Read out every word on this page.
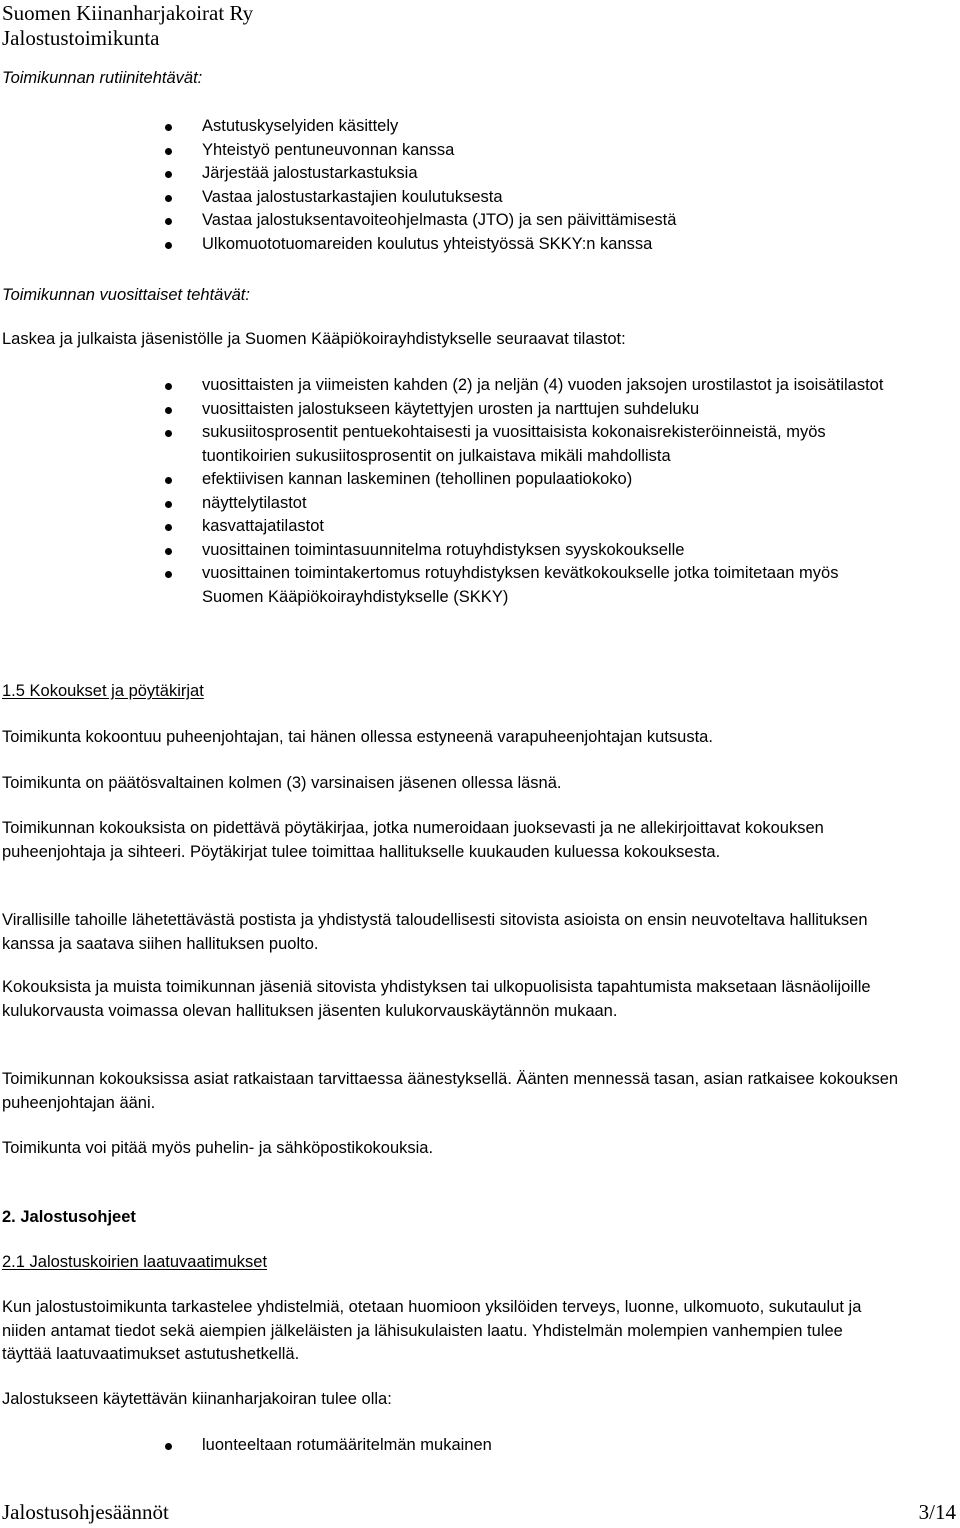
Suomen Kiinanharjakoirat Ry
Jalostustoimikunta
Toimikunnan rutiinitehtävät:
Astutuskyselyiden käsittely
Yhteistyö pentuneuvonnan kanssa
Järjestää jalostustarkastuksia
Vastaa jalostustarkastajien koulutuksesta
Vastaa jalostuksentavoiteohjelmasta (JTO) ja sen päivittämisestä
Ulkomuototuomareiden koulutus yhteistyössä SKKY:n kanssa
Toimikunnan vuosittaiset tehtävät:
Laskea ja julkaista jäsenistölle ja Suomen Kääpiökoirayhdistykselle seuraavat tilastot:
vuosittaisten ja viimeisten kahden (2) ja neljän (4) vuoden jaksojen urostilastot ja isoisätilastot
vuosittaisten jalostukseen käytettyjen urosten ja narttujen suhdeluku
sukusiitosprosentit pentuekohtaisesti ja vuosittaisista kokonaisrekisteröinneistä, myös tuontikoirien sukusiitosprosentit on julkaistava mikäli mahdollista
efektiivisen kannan laskeminen (tehollinen populaatiokoko)
näyttelytilastot
kasvattajatilastot
vuosittainen toimintasuunnitelma rotuyhdistyksen syyskokoukselle
vuosittainen toimintakertomus rotuyhdistyksen kevätkokoukselle jotka toimitetaan myös Suomen Kääpiökoirayhdistykselle (SKKY)
1.5 Kokoukset ja pöytäkirjat

Toimikunta kokoontuu puheenjohtajan, tai hänen ollessa estyneenä varapuheenjohtajan kutsusta.

Toimikunta on päätösvaltainen kolmen (3) varsinaisen jäsenen ollessa läsnä.

Toimikunnan kokouksista on pidettävä pöytäkirjaa, jotka numeroidaan juoksevasti ja ne allekirjoittavat kokouksen puheenjohtaja ja sihteeri. Pöytäkirjat tulee toimittaa hallitukselle kuukauden kuluessa kokouksesta.

Virallisille tahoille lähetettävästä postista ja yhdistystä taloudellisesti sitovista asioista on ensin neuvoteltava hallituksen kanssa ja saatava siihen hallituksen puolto.

Kokouksista ja muista toimikunnan jäseniä sitovista yhdistyksen tai ulkopuolisista tapahtumista maksetaan läsnäolijoille kulukorvausta voimassa olevan hallituksen jäsenten kulukorvauskäytännön mukaan.

Toimikunnan kokouksissa asiat ratkaistaan tarvittaessa äänestyksellä. Äänten mennessä tasan, asian ratkaisee kokouksen puheenjohtajan ääni.

Toimikunta voi pitää myös puhelin- ja sähköpostikokouksia.

2. Jalostusohjeet
2.1 Jalostuskoirien laatuvaatimukset

Kun jalostustoimikunta tarkastelee yhdistelmiä, otetaan huomioon yksilöiden terveys, luonne, ulkomuoto, sukutaulut ja niiden antamat tiedot sekä aiempien jälkeläisten ja lähisukulaisten laatu. Yhdistelmän molempien vanhempien tulee täyttää laatuvaatimukset astutushetkellä.

Jalostukseen käytettävän kiinanharjakoiran tulee olla:
luonteeltaan rotumääritelmän mukainen
Jalostusohjesäännöt	3/14
